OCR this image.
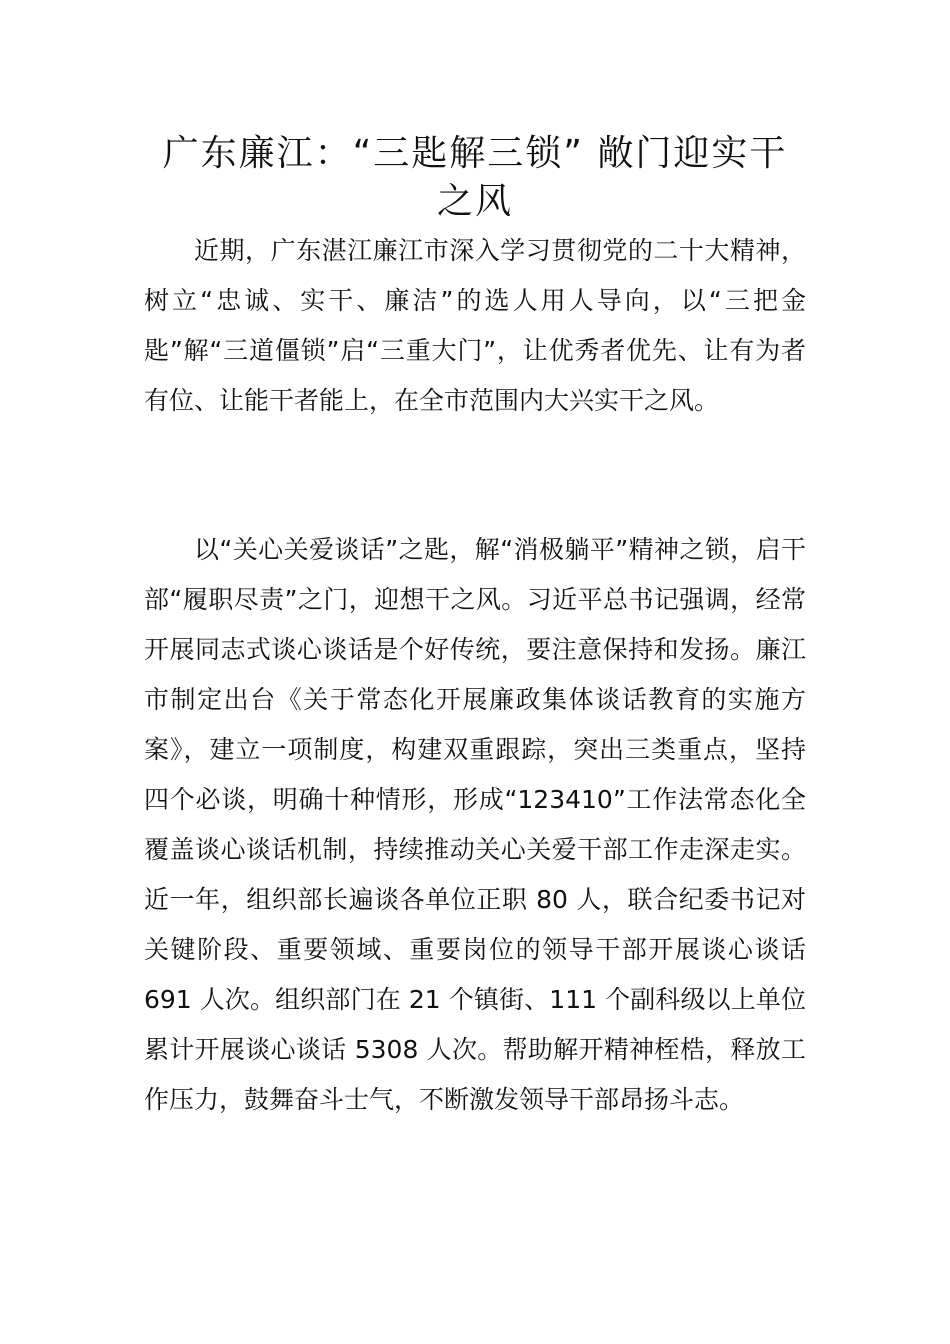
广东廉江：“三匙解三锁” 敞门迎实干之风

近期，广东湛江廉江市深入学习贯彻党的二十大精神，树立“忠诚、实干、廉洁”的选人用人导向，以“三把金匙”解“三道僵锁”启“三重大门”，让优秀者优先、让有为者有位、让能干者能上，在全市范围内大兴实干之风。

以“关心关爱谈话”之匙，解“消极躺平”精神之锁，启干部“履职尽责”之门，迎想干之风。习近平总书记强调，经常开展同志式谈心谈话是个好传统，要注意保持和发扬。廉江市制定出台《关于常态化开展廉政集体谈话教育的实施方案》，建立一项制度，构建双重跟踪，突出三类重点，坚持四个必谈，明确十种情形，形成“123410”工作法常态化全覆盖谈心谈话机制，持续推动关心关爱干部工作走深走实。近一年，组织部长遍谈各单位正职 80 人，联合纪委书记对关键阶段、重要领域、重要岗位的领导干部开展谈心谈话 691 人次。组织部门在 21 个镇街、111 个副科级以上单位累计开展谈心谈话 5308 人次。帮助解开精神桎梏，释放工作压力，鼓舞奋斗士气，不断激发领导干部昂扬斗志。
